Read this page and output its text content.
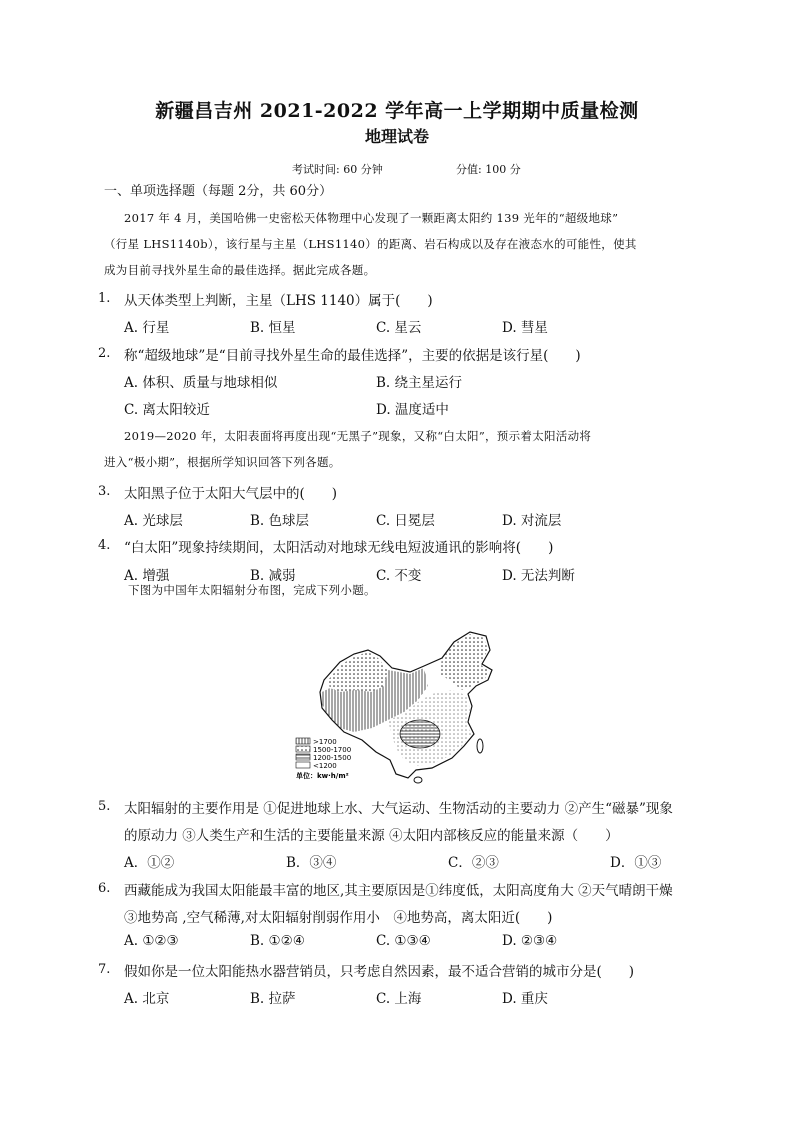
新疆昌吉州 2021-2022 学年高一上学期期中质量检测
地理试卷
考试时间: 60 分钟	分值: 100 分
一、单项选择题（每题 2分，共 60分）
2017 年 4 月，美国哈佛一史密松天体物理中心发现了一颗距离太阳约 139 光年的“超级地球”
（行星 LHS1140b），该行星与主星（LHS1140）的距离、岩石构成以及存在液态水的可能性，使其
成为目前寻找外星生命的最佳选择。据此完成各题。
1. 从天体类型上判断，主星（LHS 1140）属于(　　)
A. 行星	B. 恒星	C. 星云	D. 彗星
2. 称“超级地球”是“目前寻找外星生命的最佳选择”，主要的依据是该行星(　　)
A. 体积、质量与地球相似	B. 绕主星运行
C. 离太阳较近	D. 温度适中
2019—2020 年，太阳表面将再度出现“无黑子”现象，又称“白太阳”，预示着太阳活动将
进入“极小期”，根据所学知识回答下列各题。
3. 太阳黑子位于太阳大气层中的(　　)
A. 光球层	B. 色球层	C. 日冕层	D. 对流层
4. “白太阳”现象持续期间，太阳活动对地球无线电短波通讯的影响将(　　)
A. 增强	B. 减弱	C. 不变	D. 无法判断
下图为中国年太阳辐射分布图，完成下列小题。
>1700
1500-1700
1200-1500
<1200
单位：kw·h/m²
5. 太阳辐射的主要作用是 ①促进地球上水、大气运动、生物活动的主要动力 ②产生“磁暴”现象
的原动力 ③人类生产和生活的主要能量来源 ④太阳内部核反应的能量来源（　　）
A．①②	B．③④	C．②③	D．①③
6. 西藏能成为我国太阳能最丰富的地区,其主要原因是①纬度低，太阳高度角大 ②天气晴朗干燥
③地势高 ,空气稀薄,对太阳辐射削弱作用小　④地势高，离太阳近(　　)
A. ①②③	B. ①②④	C. ①③④	D. ②③④
7. 假如你是一位太阳能热水器营销员，只考虑自然因素，最不适合营销的城市分是(　　)
A. 北京	B. 拉萨	C. 上海	D. 重庆
